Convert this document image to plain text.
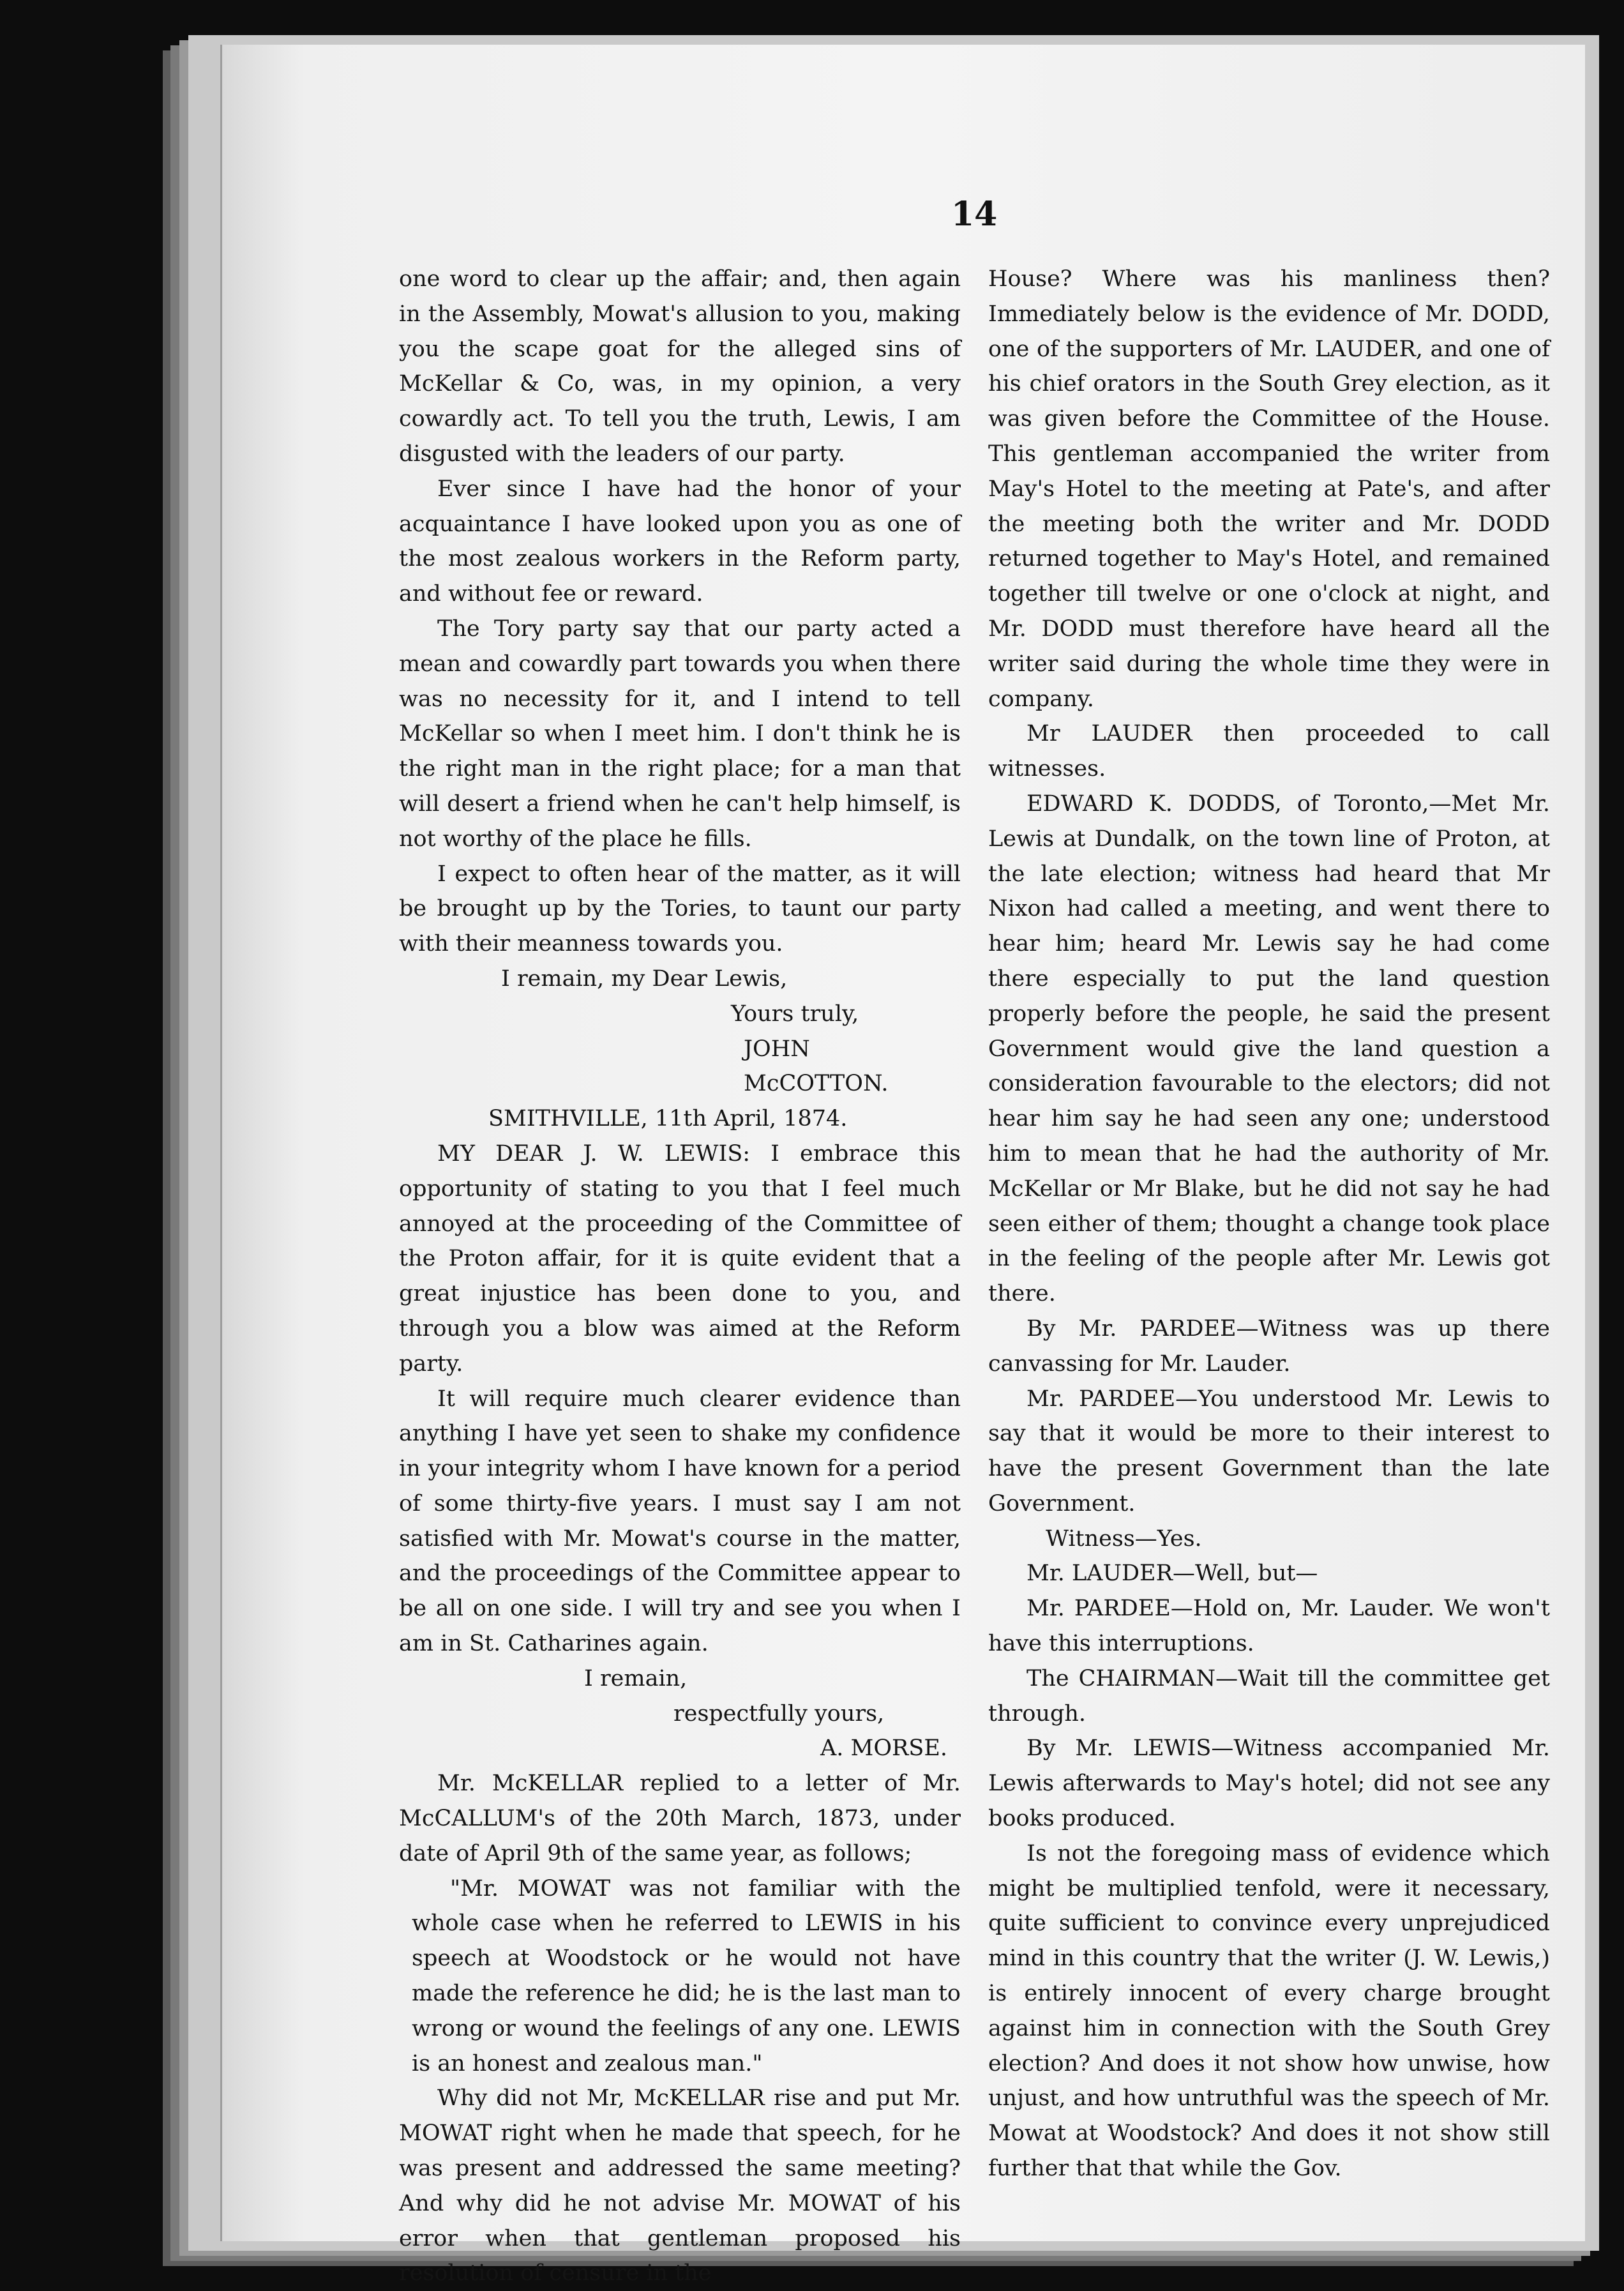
14

one word to clear up the affair; and, then again in the Assembly, Mowat's allusion to you, making you the scape goat for the alleged sins of McKellar & Co, was, in my opinion, a very cowardly act. To tell you the truth, Lewis, I am disgusted with the leaders of our party.

Ever since I have had the honor of your acquaintance I have looked upon you as one of the most zealous workers in the Reform party, and without fee or reward.

The Tory party say that our party acted a mean and cowardly part towards you when there was no necessity for it, and I intend to tell McKellar so when I meet him. I don't think he is the right man in the right place; for a man that will desert a friend when he can't help himself, is not worthy of the place he fills.

I expect to often hear of the matter, as it will be brought up by the Tories, to taunt our party with their meanness towards you.

I remain, my Dear Lewis,

Yours truly,

JOHN McCOTTON.

SMITHVILLE, 11th April, 1874.

MY DEAR J. W. LEWIS: I embrace this opportunity of stating to you that I feel much annoyed at the proceeding of the Committee of the Proton affair, for it is quite evident that a great injustice has been done to you, and through you a blow was aimed at the Reform party.

It will require much clearer evidence than anything I have yet seen to shake my confidence in your integrity whom I have known for a period of some thirty-five years. I must say I am not satisfied with Mr. Mowat's course in the matter, and the proceedings of the Committee appear to be all on one side. I will try and see you when I am in St. Catharines again.

I remain,

respectfully yours,

A. MORSE.

Mr. McKELLAR replied to a letter of Mr. McCALLUM's of the 20th March, 1873, under date of April 9th of the same year, as follows;

"Mr. MOWAT was not familiar with the whole case when he referred to LEWIS in his speech at Woodstock or he would not have made the reference he did; he is the last man to wrong or wound the feelings of any one. LEWIS is an honest and zealous man."

Why did not Mr, McKELLAR rise and put Mr. MOWAT right when he made that speech, for he was present and addressed the same meeting? And why did he not advise Mr. MOWAT of his error when that gentleman proposed his resolution of censure in the

House? Where was his manliness then? Immediately below is the evidence of Mr. DODD, one of the supporters of Mr. LAUDER, and one of his chief orators in the South Grey election, as it was given before the Committee of the House. This gentleman accompanied the writer from May's Hotel to the meeting at Pate's, and after the meeting both the writer and Mr. DODD returned together to May's Hotel, and remained together till twelve or one o'clock at night, and Mr. DODD must therefore have heard all the writer said during the whole time they were in company.

Mr LAUDER then proceeded to call witnesses.

EDWARD K. DODDS, of Toronto,—Met Mr. Lewis at Dundalk, on the town line of Proton, at the late election; witness had heard that Mr Nixon had called a meeting, and went there to hear him; heard Mr. Lewis say he had come there especially to put the land question properly before the people, he said the present Government would give the land question a consideration favourable to the electors; did not hear him say he had seen any one; understood him to mean that he had the authority of Mr. McKellar or Mr Blake, but he did not say he had seen either of them; thought a change took place in the feeling of the people after Mr. Lewis got there.

By Mr. PARDEE—Witness was up there canvassing for Mr. Lauder.

Mr. PARDEE—You understood Mr. Lewis to say that it would be more to their interest to have the present Government than the late Government.

Witness—Yes.

Mr. LAUDER—Well, but—

Mr. PARDEE—Hold on, Mr. Lauder. We won't have this interruptions.

The CHAIRMAN—Wait till the committee get through.

By Mr. LEWIS—Witness accompanied Mr. Lewis afterwards to May's hotel; did not see any books produced.

Is not the foregoing mass of evidence which might be multiplied tenfold, were it necessary, quite sufficient to convince every unprejudiced mind in this country that the writer (J. W. Lewis,) is entirely innocent of every charge brought against him in connection with the South Grey election? And does it not show how unwise, how unjust, and how untruthful was the speech of Mr. Mowat at Woodstock? And does it not show still further that that while the Gov.
